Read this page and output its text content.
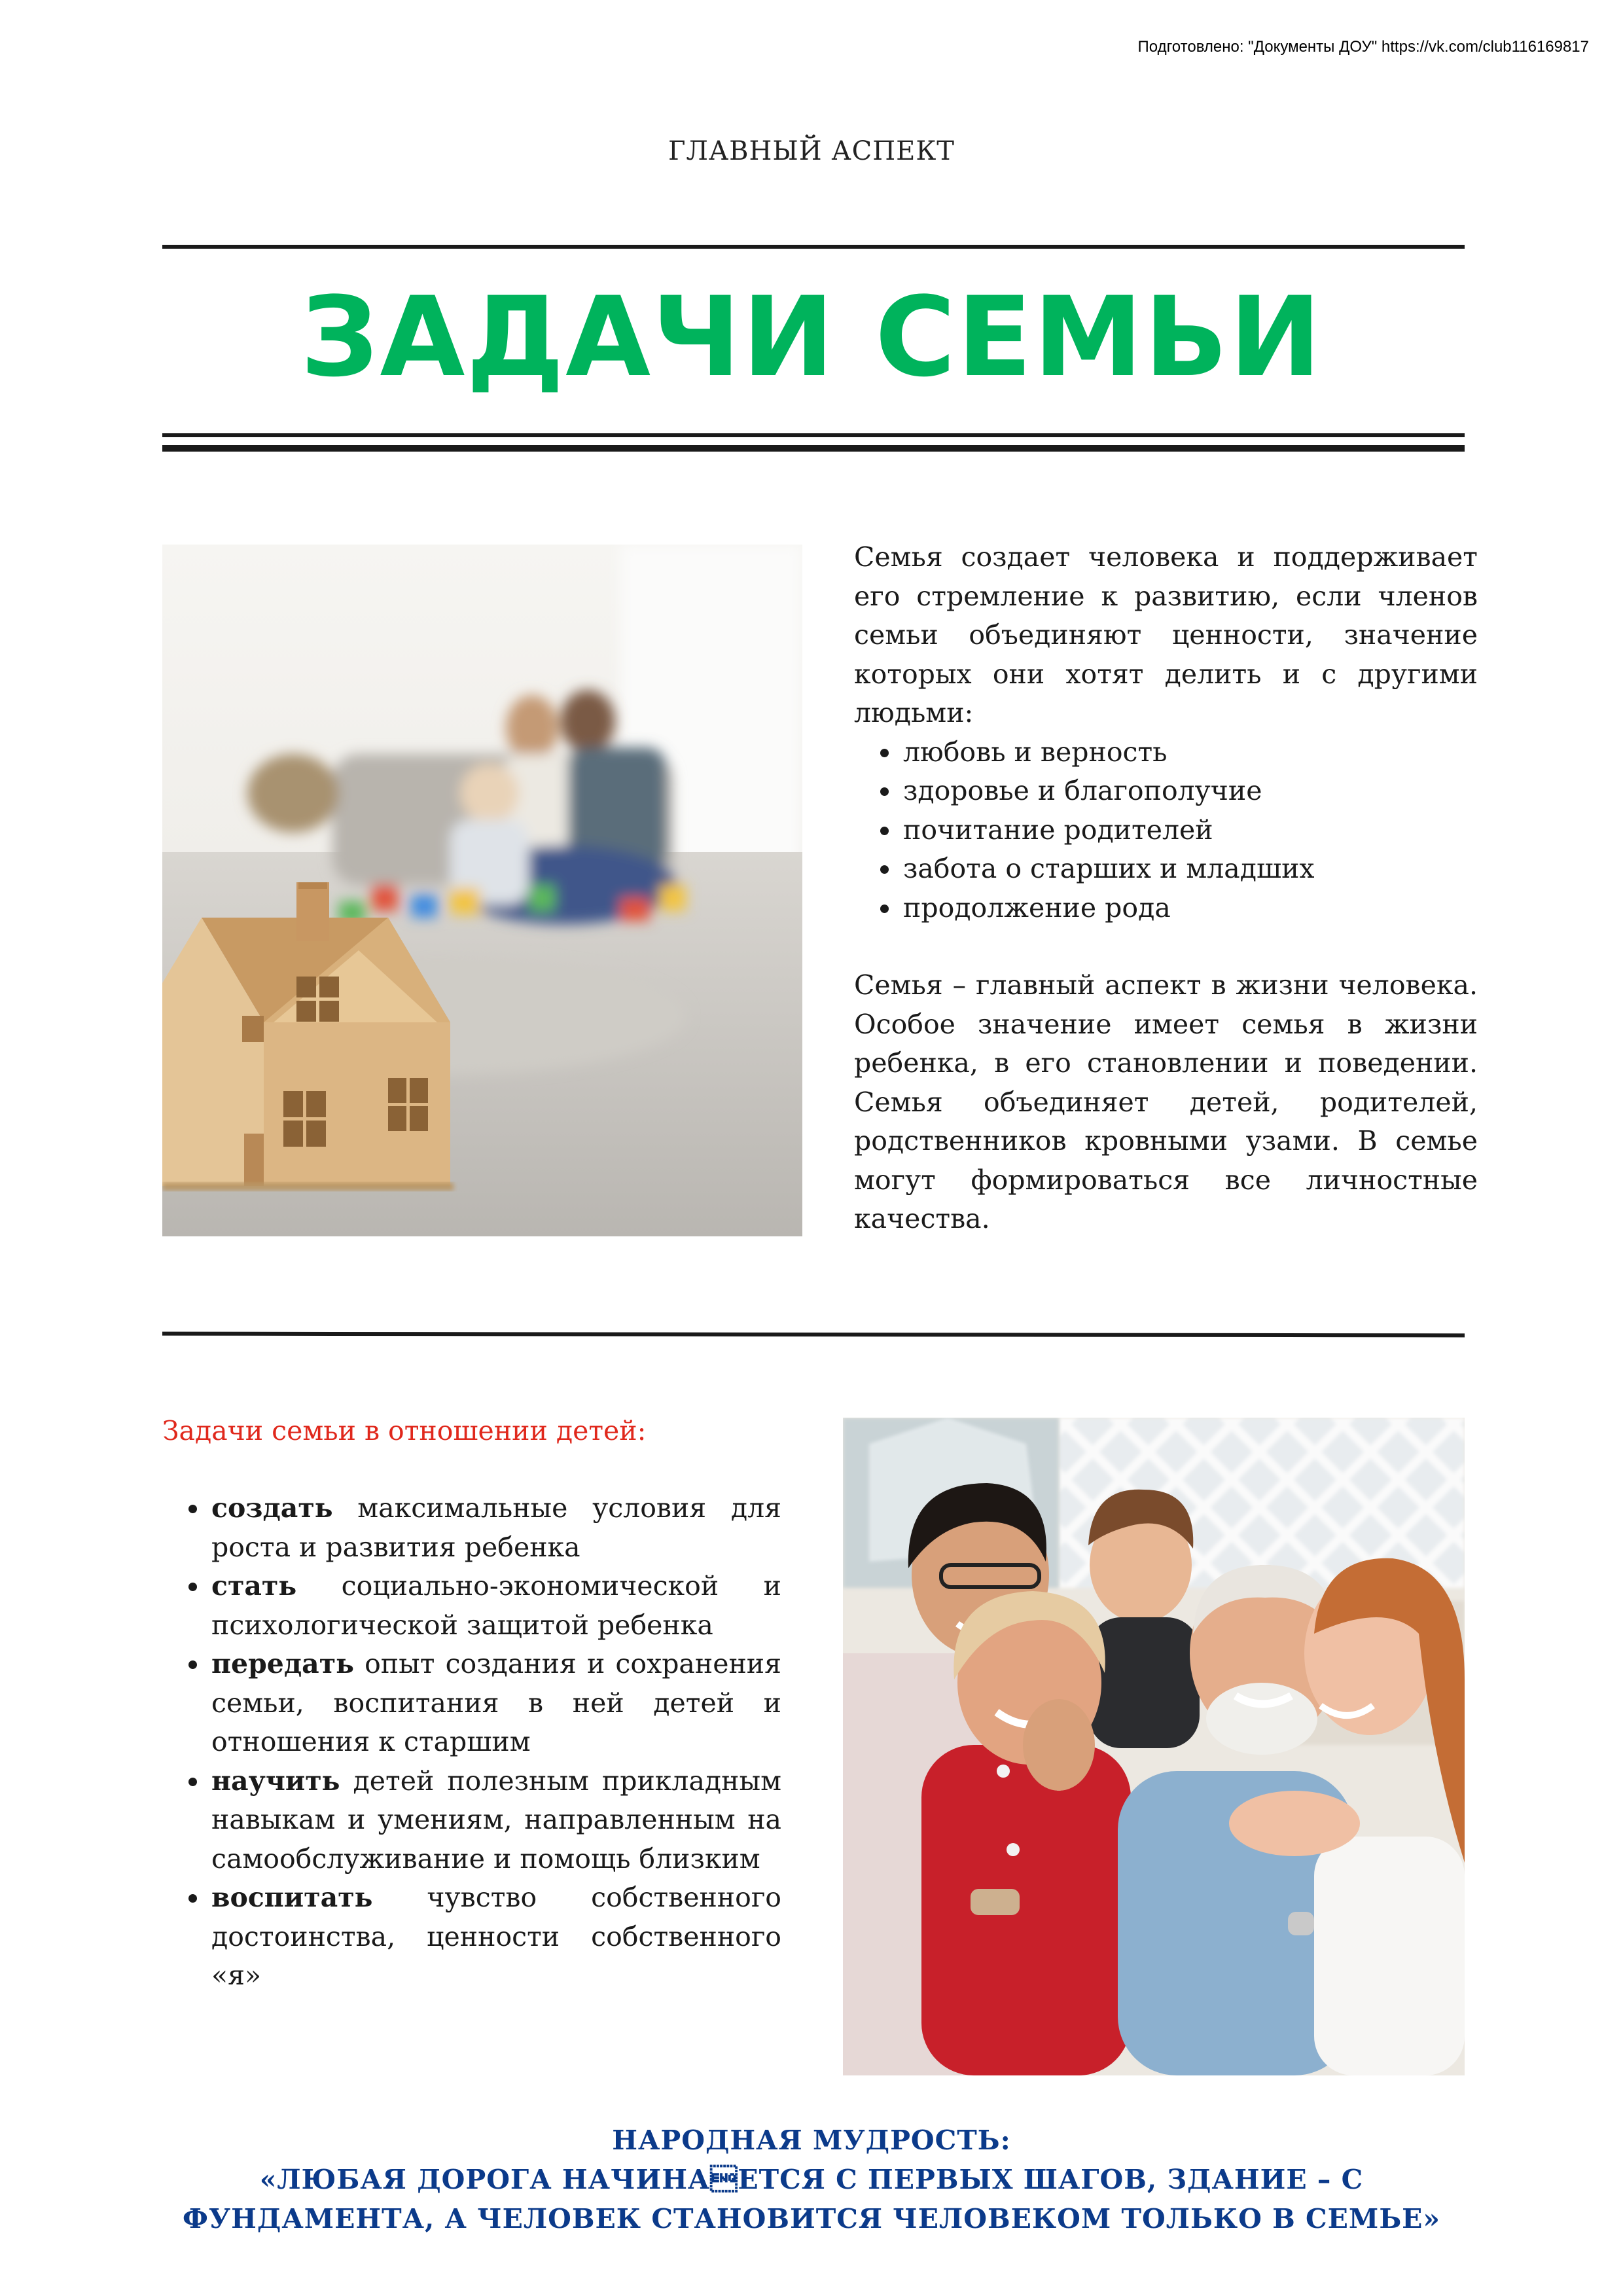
Подготовлено: "Документы ДОУ" https://vk.com/club116169817
ГЛАВНЫЙ АСПЕКТ
ЗАДАЧИ СЕМЬИ
Семья создает человека и поддерживает его стремление к развитию, если членов семьи объединяют ценности, значение которых они хотят делить и с другими людьми:
любовь и верность
здоровье и благополучие
почитание родителей
забота о старших и младших
продолжение рода
Семья – главный аспект в жизни человека. Особое значение имеет семья в жизни ребенка, в его становлении и поведении. Семья объединяет детей, родителей, родственников кровными узами. В семье могут формироваться все личностные качества.
Задачи семьи в отношении детей:
создать максимальные условия для роста и развития ребенка
стать социально-экономической и психологической защитой ребенка
передать опыт создания и сохранения семьи, воспитания в ней детей и отношения к старшим
научить детей полезным прикладным навыкам и умениям, направленным на самообслуживание и помощь близким
воспитать чувство собственного достоинства, ценности собственного «я»
НАРОДНАЯ МУДРОСТЬ:
«ЛЮБАЯ ДОРОГА НАЧИНАЕТСЯ С ПЕРВЫХ ШАГОВ, ЗДАНИЕ – С
ФУНДАМЕНТА, А ЧЕЛОВЕК СТАНОВИТСЯ ЧЕЛОВЕКОМ ТОЛЬКО В СЕМЬЕ»
